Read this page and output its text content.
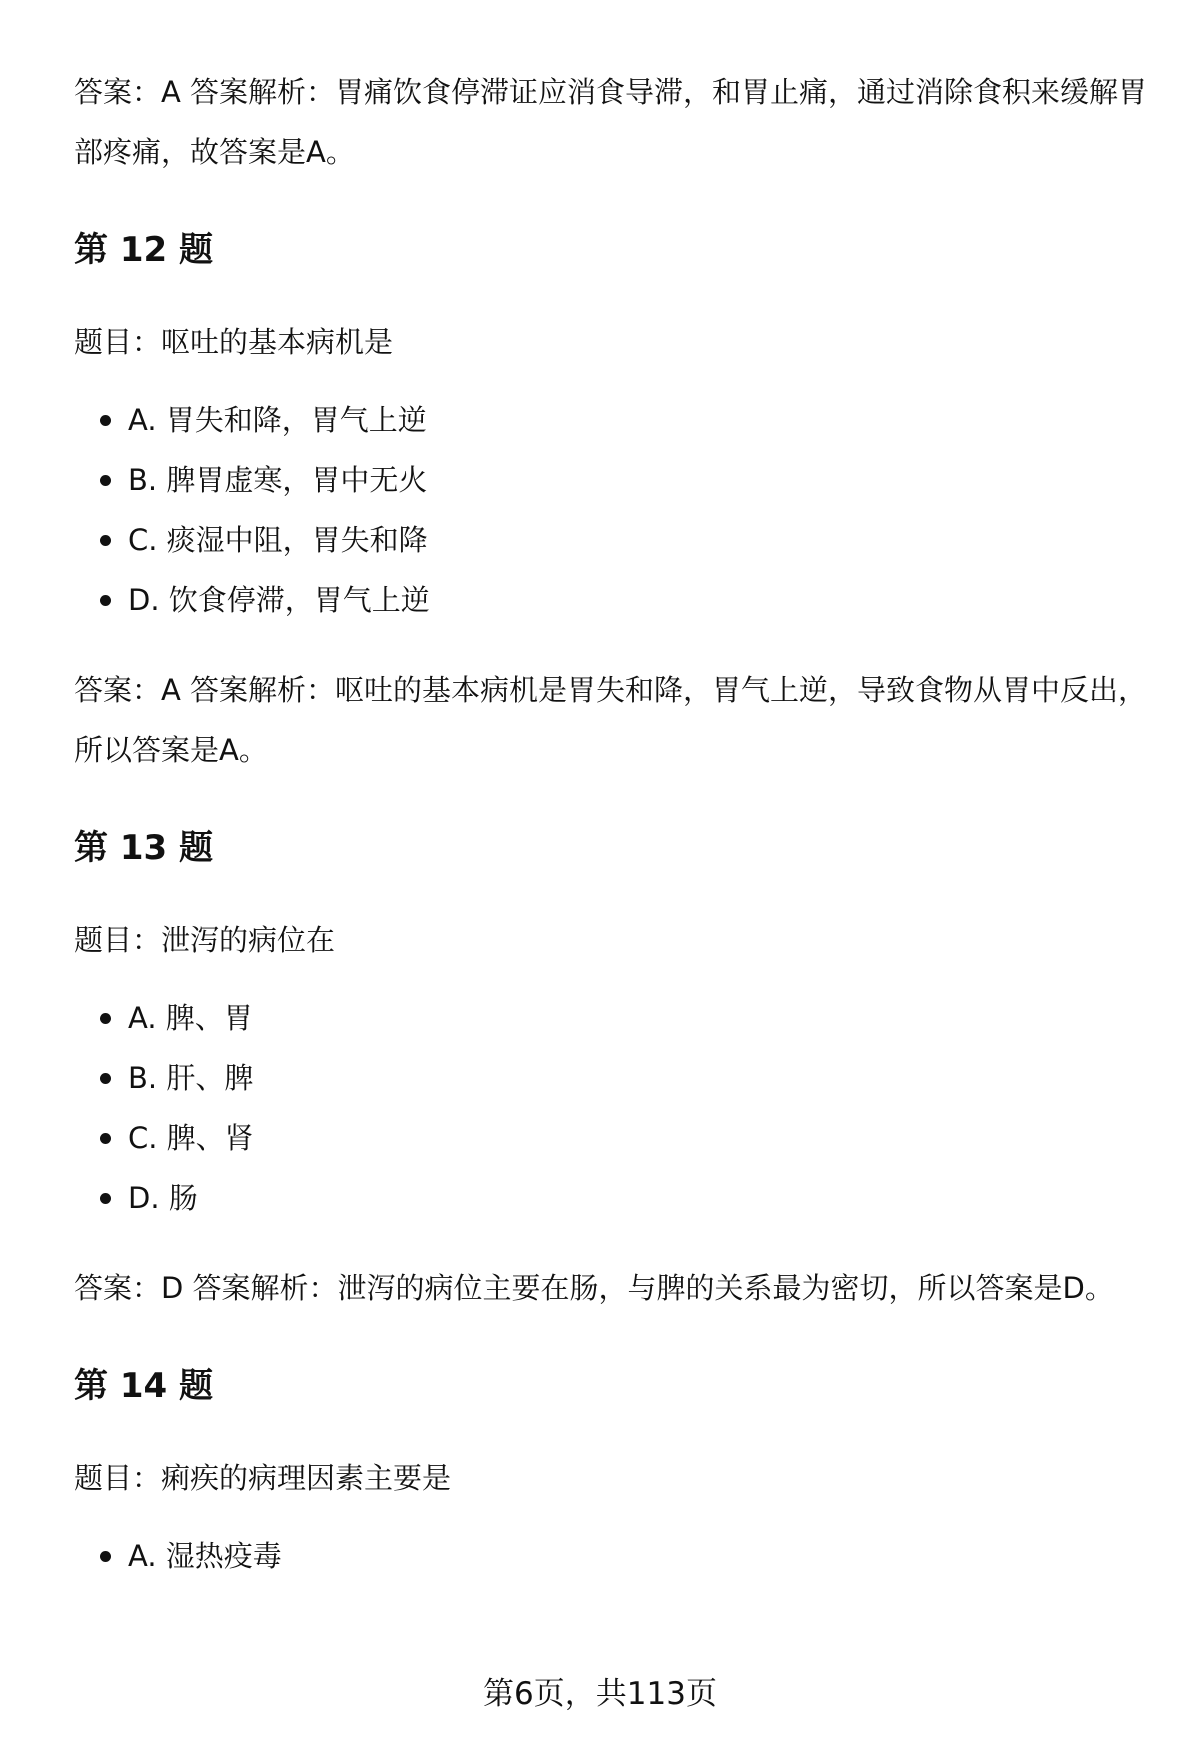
答案：A 答案解析：胃痛饮食停滞证应消食导滞，和胃止痛，通过消除食积来缓解胃部疼痛，故答案是A。

第 12 题
题目：呕吐的基本病机是
A. 胃失和降，胃气上逆
B. 脾胃虚寒，胃中无火
C. 痰湿中阻，胃失和降
D. 饮食停滞，胃气上逆

答案：A 答案解析：呕吐的基本病机是胃失和降，胃气上逆，导致食物从胃中反出，所以答案是A。

第 13 题
题目：泄泻的病位在
A. 脾、胃
B. 肝、脾
C. 脾、肾
D. 肠

答案：D 答案解析：泄泻的病位主要在肠，与脾的关系最为密切，所以答案是D。

第 14 题
题目：痢疾的病理因素主要是
A. 湿热疫毒
第6页，共113页
